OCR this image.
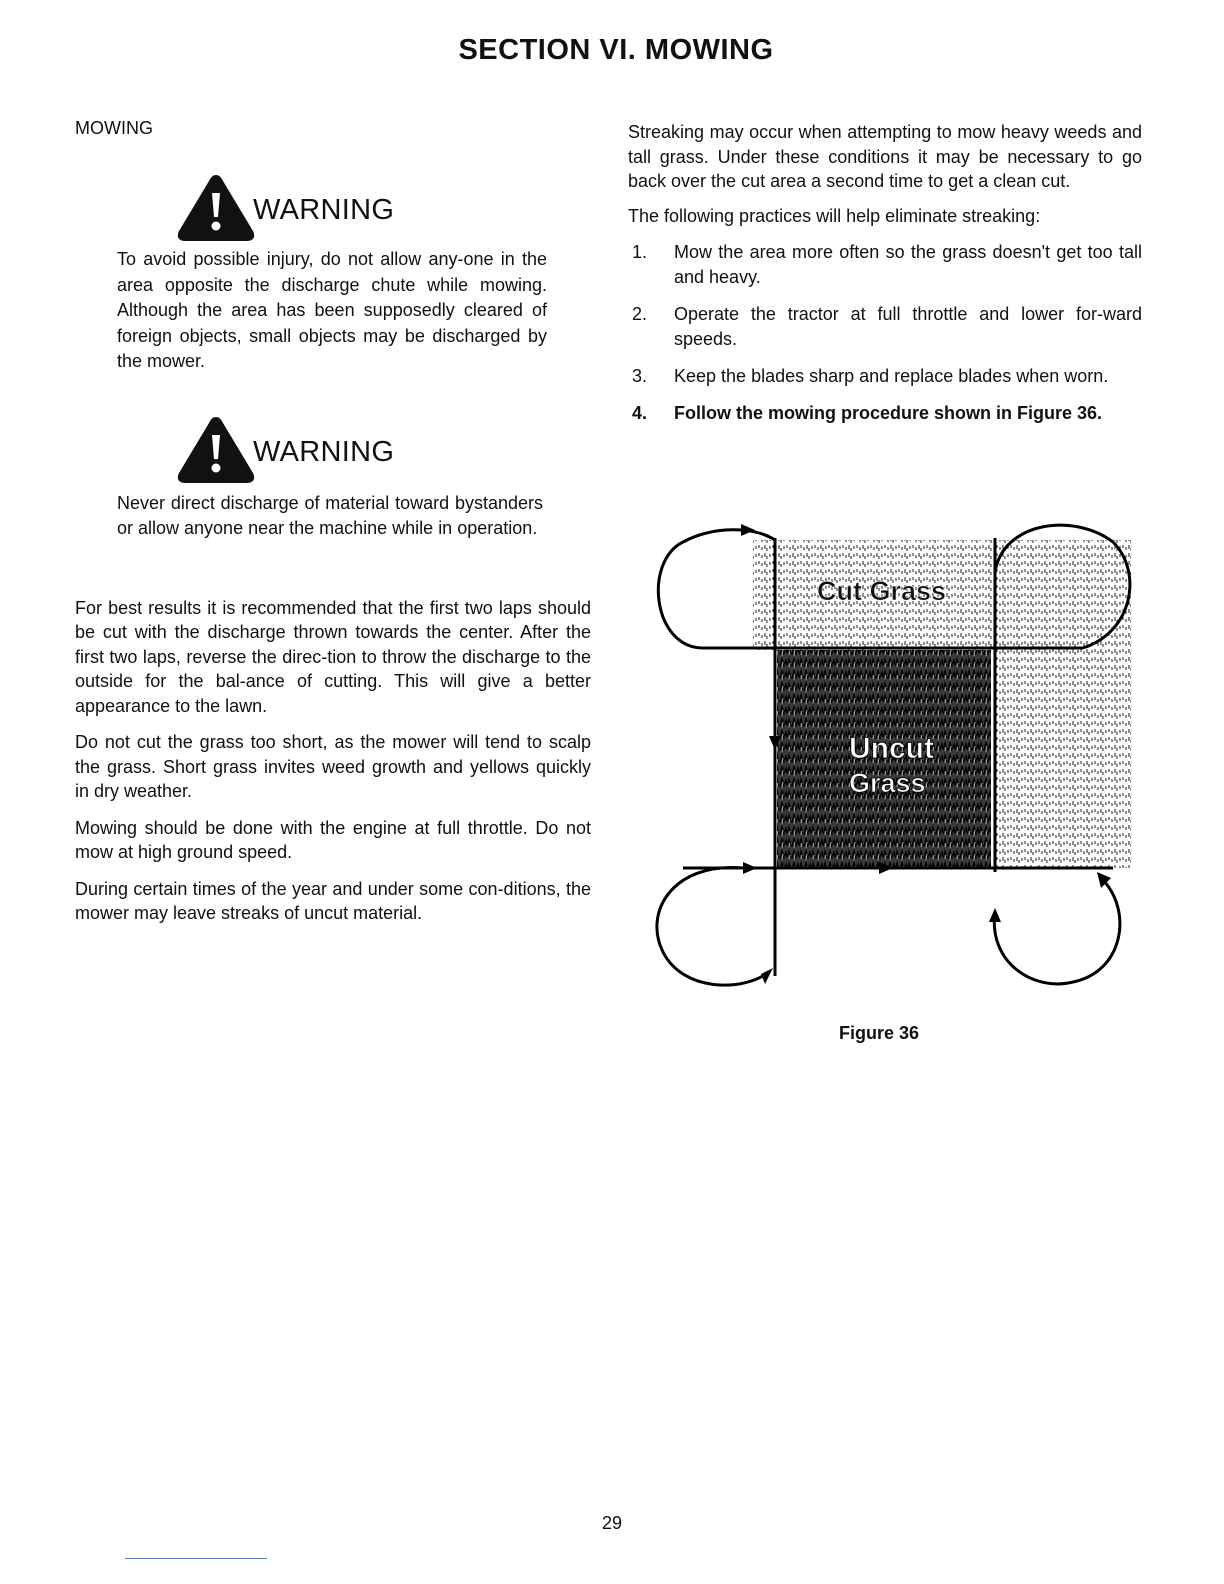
SECTION VI. MOWING

MOWING

WARNING

To avoid possible injury, do not allow any-one in the area opposite the discharge chute while mowing. Although the area has been supposedly cleared of foreign objects, small objects may be discharged by the mower.

WARNING

Never direct discharge of material toward bystanders or allow anyone near the machine while in operation.

For best results it is recommended that the first two laps should be cut with the discharge thrown towards the center. After the first two laps, reverse the direc-tion to throw the discharge to the outside for the bal-ance of cutting. This will give a better appearance to the lawn.

Do not cut the grass too short, as the mower will tend to scalp the grass. Short grass invites weed growth and yellows quickly in dry weather.

Mowing should be done with the engine at full throttle. Do not mow at high ground speed.

During certain times of the year and under some con-ditions, the mower may leave streaks of uncut material.

Streaking may occur when attempting to mow heavy weeds and tall grass. Under these conditions it may be necessary to go back over the cut area a second time to get a clean cut.

The following practices will help eliminate streaking:

1.	Mow the area more often so the grass doesn't get too tall and heavy.
2.	Operate the tractor at full throttle and lower for-ward speeds.
3.	Keep the blades sharp and replace blades when worn.
4.	Follow the mowing procedure shown in Figure 36.
Cut Grass
Uncut
Grass
Figure 36
29
